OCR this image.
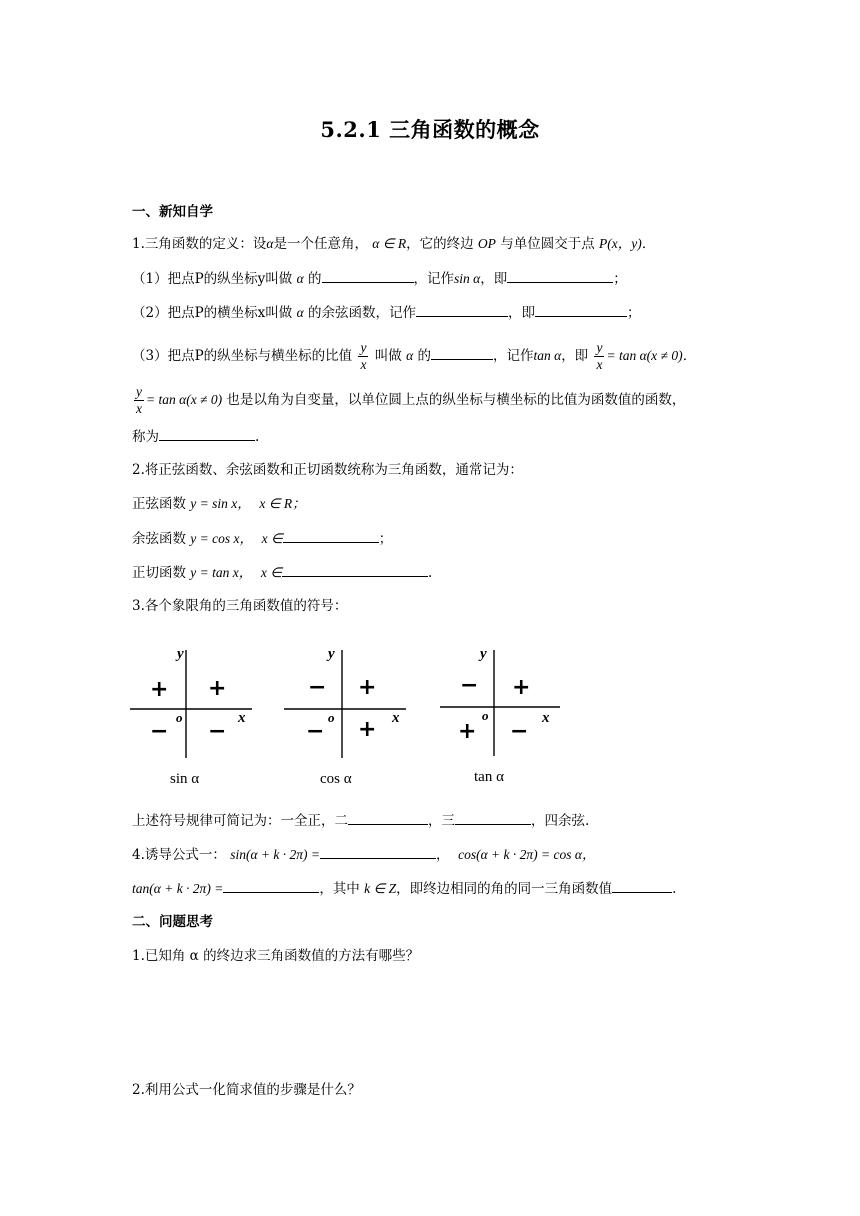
5.2.1 三角函数的概念
一、新知自学
1.三角函数的定义：设α是一个任意角， α ∈ R，它的终边 OP 与单位圆交于点 P(x，y)．
（1）把点P的纵坐标y叫做 α 的	，记作sin α，即	；
（2）把点P的横坐标x叫做 α 的余弦函数，记作	，即	；
（3）把点P的纵坐标与横坐标的比值 $\frac{y}{x}$ 叫做 α 的	，记作tan α，即 $\frac{y}{x} = \tan \alpha(x \ne 0)$．
$\frac{y}{x} = \tan \alpha(x \ne 0)$ 也是以角为自变量，以单位圆上点的纵坐标与横坐标的比值为函数值的函数，
称为	.
2.将正弦函数、余弦函数和正切函数统称为三角函数，通常记为：
正弦函数 y = sin x， x ∈ R；
余弦函数 y = cos x， x ∈	；
正切函数 y = tan x， x ∈	.
3.各个象限角的三角函数值的符号：
y
x
o
+
+
− −
sin α
y
x
o
+
−
− +
cos α
y
x
o
+
−
+ −
tan α
上述符号规律可简记为：一全正，二	，三	，四余弦.
4.诱导公式一： sin(α + k · 2π) =	，  cos(α + k · 2π) = cos α，
tan(α + k · 2π) =	，其中 k ∈ Z，即终边相同的角的同一三角函数值	.
二、问题思考
1.已知角 α 的终边求三角函数值的方法有哪些？
2.利用公式一化简求值的步骤是什么？
